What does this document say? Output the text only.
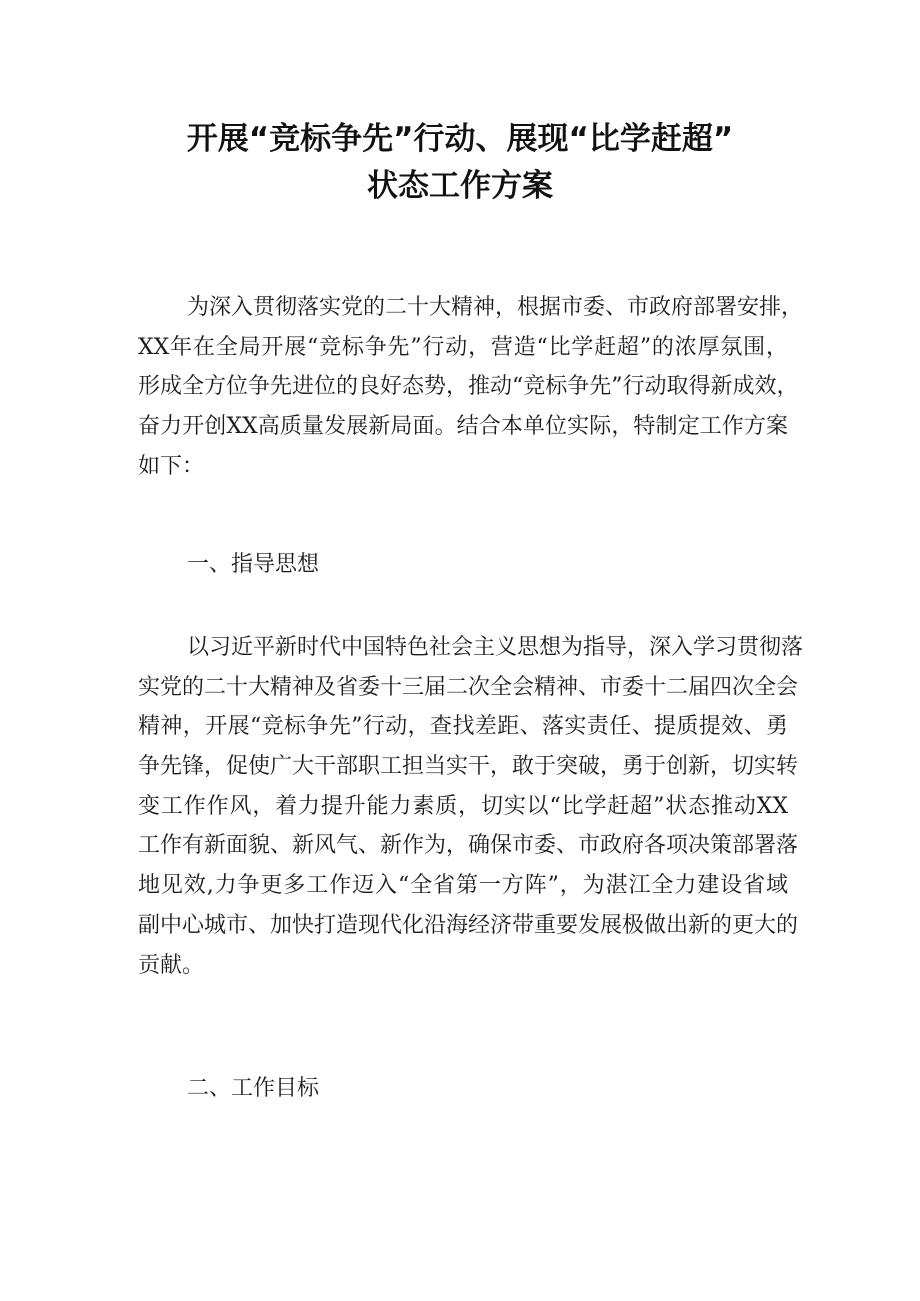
开展“竞标争先”行动、展现“比学赶超”
状态工作方案
为深入贯彻落实党的二十大精神，根据市委、市政府部署安排，
XX年在全局开展“竞标争先”行动，营造“比学赶超”的浓厚氛围，
形成全方位争先进位的良好态势，推动“竞标争先”行动取得新成效，
奋力开创XX高质量发展新局面。结合本单位实际，特制定工作方案
如下：
一、指导思想
以习近平新时代中国特色社会主义思想为指导，深入学习贯彻落
实党的二十大精神及省委十三届二次全会精神、市委十二届四次全会
精神，开展“竞标争先”行动，查找差距、落实责任、提质提效、勇
争先锋，促使广大干部职工担当实干，敢于突破，勇于创新，切实转
变工作作风，着力提升能力素质，切实以“比学赶超”状态推动XX
工作有新面貌、新风气、新作为，确保市委、市政府各项决策部署落
地见效,力争更多工作迈入“全省第一方阵”，为湛江全力建设省域
副中心城市、加快打造现代化沿海经济带重要发展极做出新的更大的
贡献。
二、工作目标
